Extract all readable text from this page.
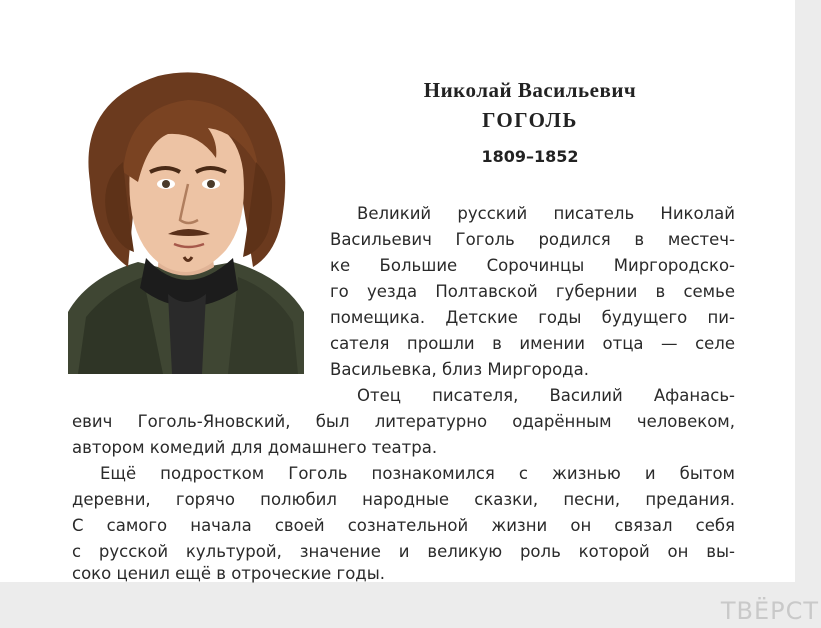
Николай Васильевич
ГОГОЛЬ
1809–1852
Великий русский писатель Николай
Васильевич Гоголь родился в местеч-
ке Большие Сорочинцы Миргородско-
го уезда Полтавской губернии в семье
помещика. Детские годы будущего пи-
сателя прошли в имении отца — селе
Васильевка, близ Миргорода.
Отец писателя, Василий Афанась-
евич Гоголь-Яновский, был литературно одарённым человеком,
автором комедий для домашнего театра.
Ещё подростком Гоголь познакомился с жизнью и бытом
деревни, горячо полюбил народные сказки, песни, предания.
С самого начала своей сознательной жизни он связал себя
с русской культурой, значение и великую роль которой он вы-
соко ценил ещё в отроческие годы.
ТВЁРСТ
